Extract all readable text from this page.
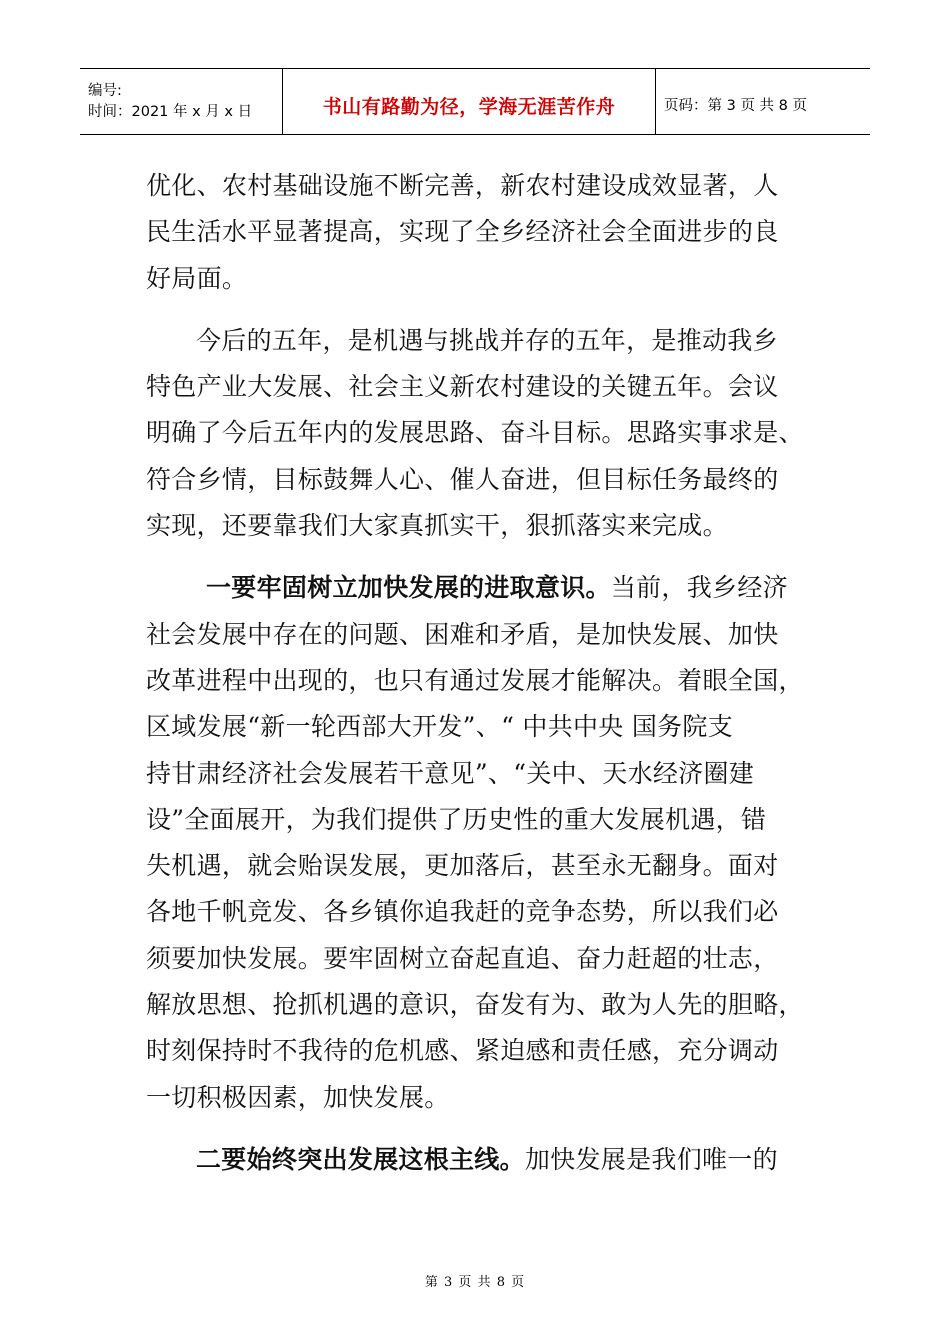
编号:
时间：2021 年 x 月 x 日	书山有路勤为径，学海无涯苦作舟	页码：第 3 页 共 8 页

优化、农村基础设施不断完善，新农村建设成效显著，人
民生活水平显著提高，实现了全乡经济社会全面进步的良
好局面。

今后的五年，是机遇与挑战并存的五年，是推动我乡
特色产业大发展、社会主义新农村建设的关键五年。会议
明确了今后五年内的发展思路、奋斗目标。思路实事求是、
符合乡情，目标鼓舞人心、催人奋进，但目标任务最终的
实现，还要靠我们大家真抓实干，狠抓落实来完成。

一要牢固树立加快发展的进取意识。当前，我乡经济
社会发展中存在的问题、困难和矛盾，是加快发展、加快
改革进程中出现的，也只有通过发展才能解决。着眼全国，
区域发展“新一轮西部大开发”、“ 中共中央 国务院支
持甘肃经济社会发展若干意见”、“关中、天水经济圈建
设”全面展开，为我们提供了历史性的重大发展机遇，错
失机遇，就会贻误发展，更加落后，甚至永无翻身。面对
各地千帆竞发、各乡镇你追我赶的竞争态势，所以我们必
须要加快发展。要牢固树立奋起直追、奋力赶超的壮志，
解放思想、抢抓机遇的意识，奋发有为、敢为人先的胆略，
时刻保持时不我待的危机感、紧迫感和责任感，充分调动
一切积极因素，加快发展。

二要始终突出发展这根主线。加快发展是我们唯一的

第 3 页 共 8 页
